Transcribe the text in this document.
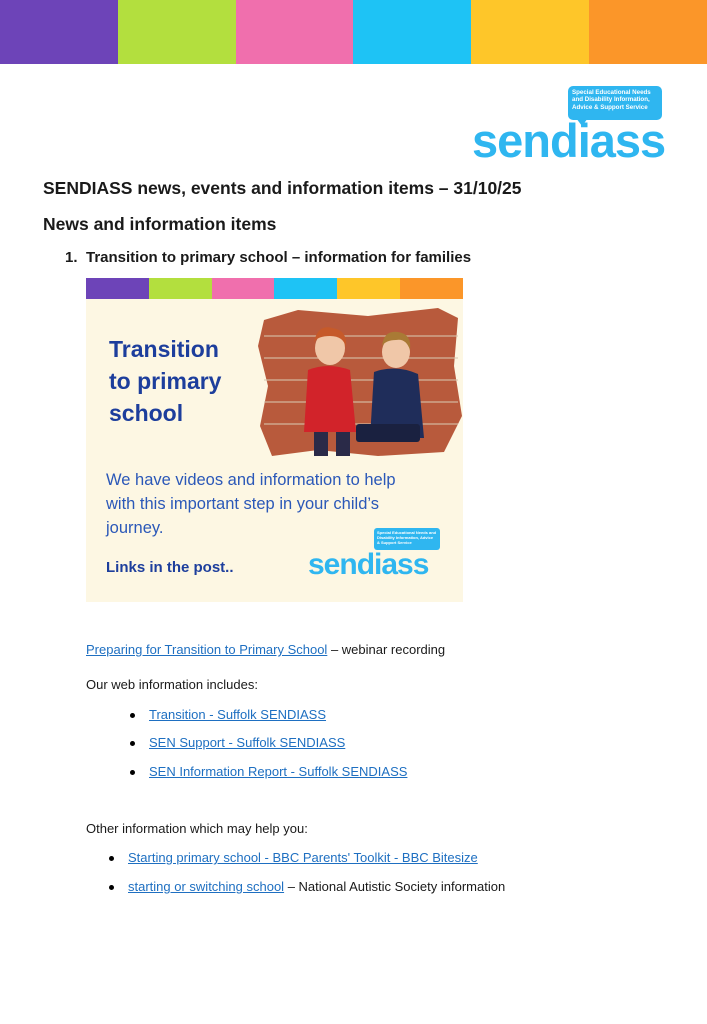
Special Educational Needs and Disability Information, Advice & Support Service
sendiass
SENDIASS news, events and information items – 31/10/25
News and information items
1. Transition to primary school – information for families
Transition
to primary
school
We have videos and information to help with this important step in your child’s journey.
Links in the post..
Special Educational Needs and Disability Information, Advice & Support Service
sendiass
Preparing for Transition to Primary School – webinar recording
Our web information includes:
Transition - Suffolk SENDIASS
SEN Support - Suffolk SENDIASS
SEN Information Report - Suffolk SENDIASS
Other information which may help you:
Starting primary school - BBC Parents' Toolkit - BBC Bitesize
starting or switching school – National Autistic Society information
